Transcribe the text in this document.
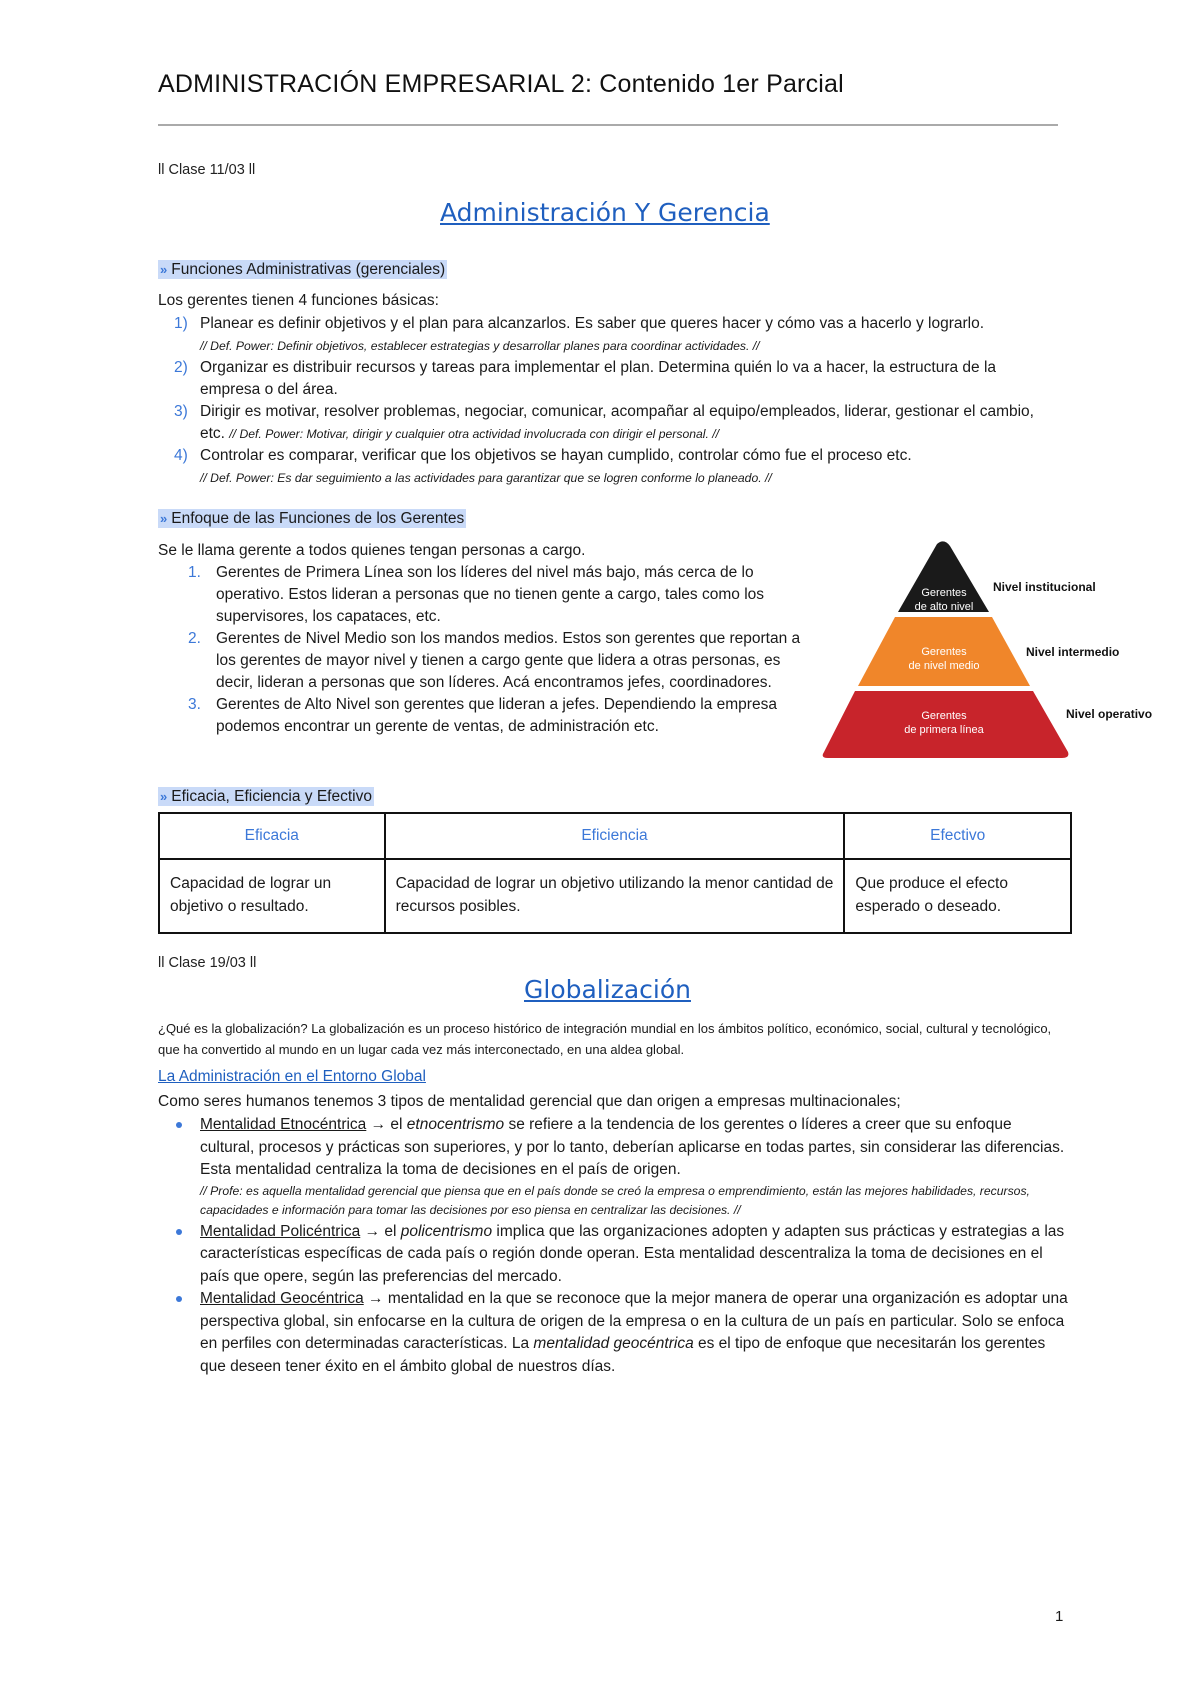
ADMINISTRACIÓN EMPRESARIAL 2: Contenido 1er Parcial
ll Clase 11/03 ll
Administración Y Gerencia
» Funciones Administrativas (gerenciales)
Los gerentes tienen 4 funciones básicas:

1) Planear es definir objetivos y el plan para alcanzarlos. Es saber que queres hacer y cómo vas a hacerlo y lograrlo.
// Def. Power: Definir objetivos, establecer estrategias y desarrollar planes para coordinar actividades. //

2) Organizar es distribuir recursos y tareas para implementar el plan. Determina quién lo va a hacer, la estructura de la empresa o del área.

3) Dirigir es motivar, resolver problemas, negociar, comunicar, acompañar al equipo/empleados, liderar, gestionar el cambio, etc. // Def. Power: Motivar, dirigir y cualquier otra actividad involucrada con dirigir el personal. //

4) Controlar es comparar, verificar que los objetivos se hayan cumplido, controlar cómo fue el proceso etc.
// Def. Power: Es dar seguimiento a las actividades para garantizar que se logren conforme lo planeado. //

» Enfoque de las Funciones de los Gerentes
Se le llama gerente a todos quienes tengan personas a cargo.

1. Gerentes de Primera Línea son los líderes del nivel más bajo, más cerca de lo operativo. Estos lideran a personas que no tienen gente a cargo, tales como los supervisores, los capataces, etc.

2. Gerentes de Nivel Medio son los mandos medios. Estos son gerentes que reportan a los gerentes de mayor nivel y tienen a cargo gente que lidera a otras personas, es decir, lideran a personas que son líderes. Acá encontramos jefes, coordinadores.

3. Gerentes de Alto Nivel son gerentes que lideran a jefes. Dependiendo la empresa podemos encontrar un gerente de ventas, de administración etc.

Gerentes
de alto nivel
Gerentes
de nivel medio
Gerentes
de primera línea
Nivel institucional
Nivel intermedio
Nivel operativo
» Eficacia, Eficiencia y Efectivo
Eficacia	Eficiencia	Efectivo
Capacidad de lograr un objetivo o resultado.	Capacidad de lograr un objetivo utilizando la menor cantidad de recursos posibles.	Que produce el efecto esperado o deseado.
ll Clase 19/03 ll
Globalización
¿Qué es la globalización? La globalización es un proceso histórico de integración mundial en los ámbitos político, económico, social, cultural y tecnológico, que ha convertido al mundo en un lugar cada vez más interconectado, en una aldea global.
La Administración en el Entorno Global
Como seres humanos tenemos 3 tipos de mentalidad gerencial que dan origen a empresas multinacionales;

Mentalidad Etnocéntrica → el etnocentrismo se refiere a la tendencia de los gerentes o líderes a creer que su enfoque cultural, procesos y prácticas son superiores, y por lo tanto, deberían aplicarse en todas partes, sin considerar las diferencias. Esta mentalidad centraliza la toma de decisiones en el país de origen.
// Profe: es aquella mentalidad gerencial que piensa que en el país donde se creó la empresa o emprendimiento, están las mejores habilidades, recursos, capacidades e información para tomar las decisiones por eso piensa en centralizar las decisiones. //

Mentalidad Policéntrica → el policentrismo implica que las organizaciones adopten y adapten sus prácticas y estrategias a las características específicas de cada país o región donde operan. Esta mentalidad descentraliza la toma de decisiones en el país que opere, según las preferencias del mercado.

Mentalidad Geocéntrica → mentalidad en la que se reconoce que la mejor manera de operar una organización es adoptar una perspectiva global, sin enfocarse en la cultura de origen de la empresa o en la cultura de un país en particular. Solo se enfoca en perfiles con determinadas características. La mentalidad geocéntrica es el tipo de enfoque que necesitarán los gerentes que deseen tener éxito en el ámbito global de nuestros días.

1
